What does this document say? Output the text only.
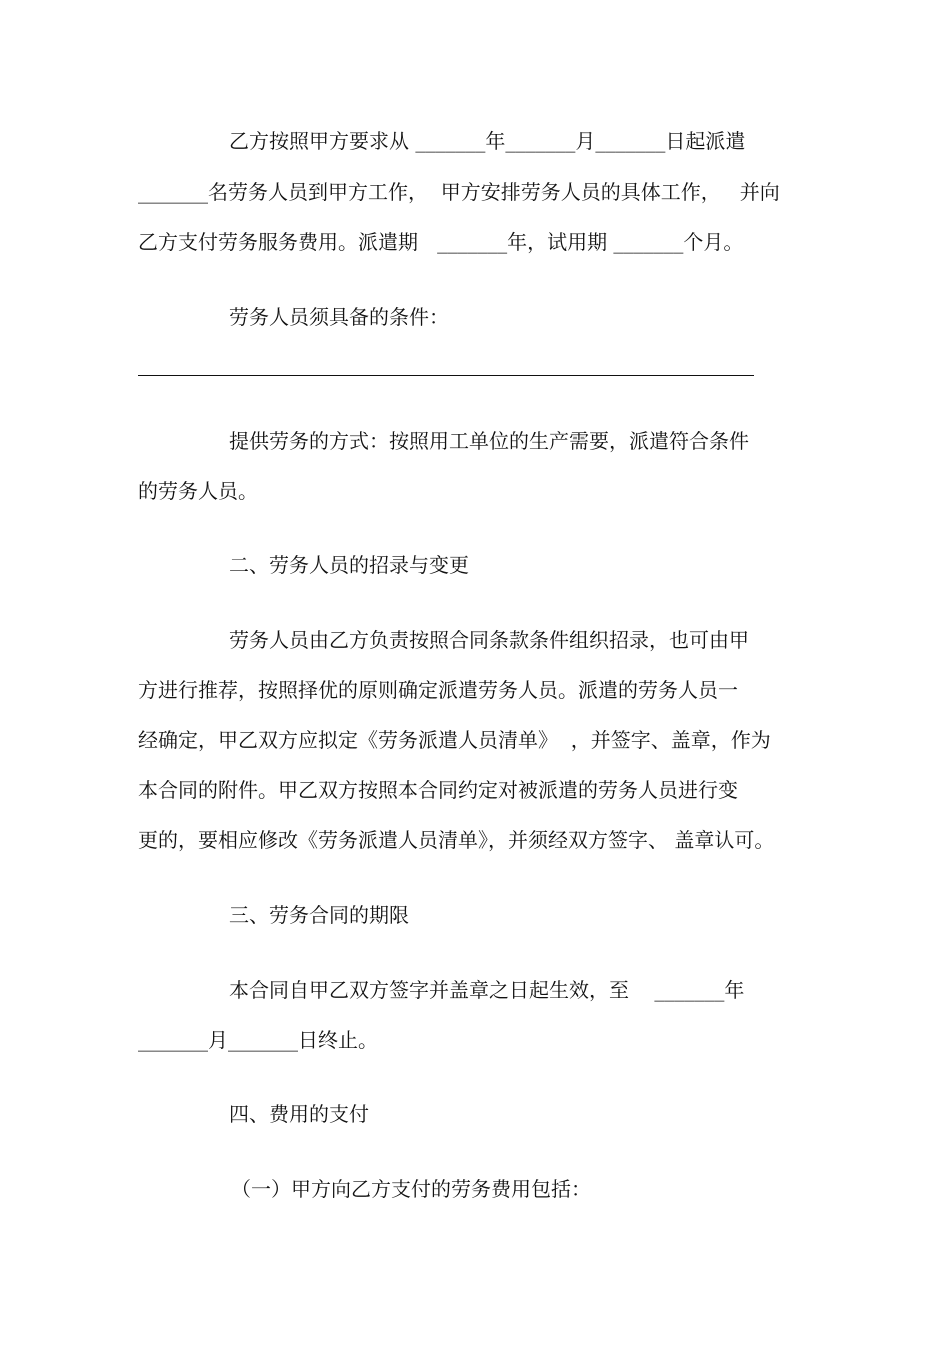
乙方按照甲方要求从 _______年_______月_______日起派遣
_______名劳务人员到甲方工作，  甲方安排劳务人员的具体工作，   并向
乙方支付劳务服务费用。派遣期   _______年，试用期 _______个月。
劳务人员须具备的条件：
提供劳务的方式：按照用工单位的生产需要，派遣符合条件
的劳务人员。
二、劳务人员的招录与变更
劳务人员由乙方负责按照合同条款条件组织招录，也可由甲
方进行推荐，按照择优的原则确定派遣劳务人员。派遣的劳务人员一
经确定，甲乙双方应拟定《劳务派遣人员清单》  ，并签字、盖章，作为
本合同的附件。甲乙双方按照本合同约定对被派遣的劳务人员进行变
更的，要相应修改《劳务派遣人员清单》，并须经双方签字、 盖章认可。
三、劳务合同的期限
本合同自甲乙双方签字并盖章之日起生效，至    _______年
_______月_______日终止。
四、费用的支付
（一）甲方向乙方支付的劳务费用包括：
